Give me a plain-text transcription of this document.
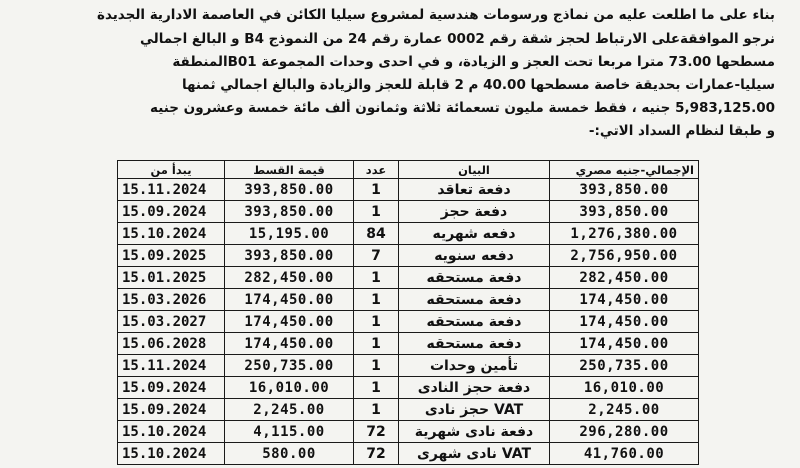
بناء على ما اطلعت عليه من نماذج ورسومات هندسية لمشروع سيليا الكائن في العاصمة الادارية الجديدة
نرجو الموافقةعلى الارتباط لحجز شقة رقم 0002 عمارة رقم 24 من النموذج B4 و البالغ اجمالي
مسطحها 73.00 مترا مربعا تحت العجز و الزيادة، و في احدى وحدات المجموعة B01المنطقة
سيليا-عمارات بحديقة خاصة مسطحها 40.00 م 2 قابلة للعجز والزيادة والبالغ اجمالي ثمنها
5,983,125.00 جنيه ، فقط خمسة مليون تسعمائة ثلاثة وثمانون ألف مائة خمسة وعشرون جنيه
و طبقا لنظام السداد الاتي:-
يبدأ من	قيمة القسط	عدد	البيان	الإجمالي-جنيه مصري
15.11.2024	393,850.00	1	دفعة تعاقد	393,850.00
15.09.2024	393,850.00	1	دفعة حجز	393,850.00
15.10.2024	15,195.00	84	دفعه شهريه	1,276,380.00
15.09.2025	393,850.00	7	دفعه سنويه	2,756,950.00
15.01.2025	282,450.00	1	دفعة مستحقه	282,450.00
15.03.2026	174,450.00	1	دفعة مستحقه	174,450.00
15.03.2027	174,450.00	1	دفعة مستحقه	174,450.00
15.06.2028	174,450.00	1	دفعة مستحقه	174,450.00
15.11.2024	250,735.00	1	تأمين وحدات	250,735.00
15.09.2024	16,010.00	1	دفعة حجز النادى	16,010.00
15.09.2024	2,245.00	1	VAT حجز نادى	2,245.00
15.10.2024	4,115.00	72	دفعة نادى شهرية	296,280.00
15.10.2024	580.00	72	VAT نادى شهرى	41,760.00
